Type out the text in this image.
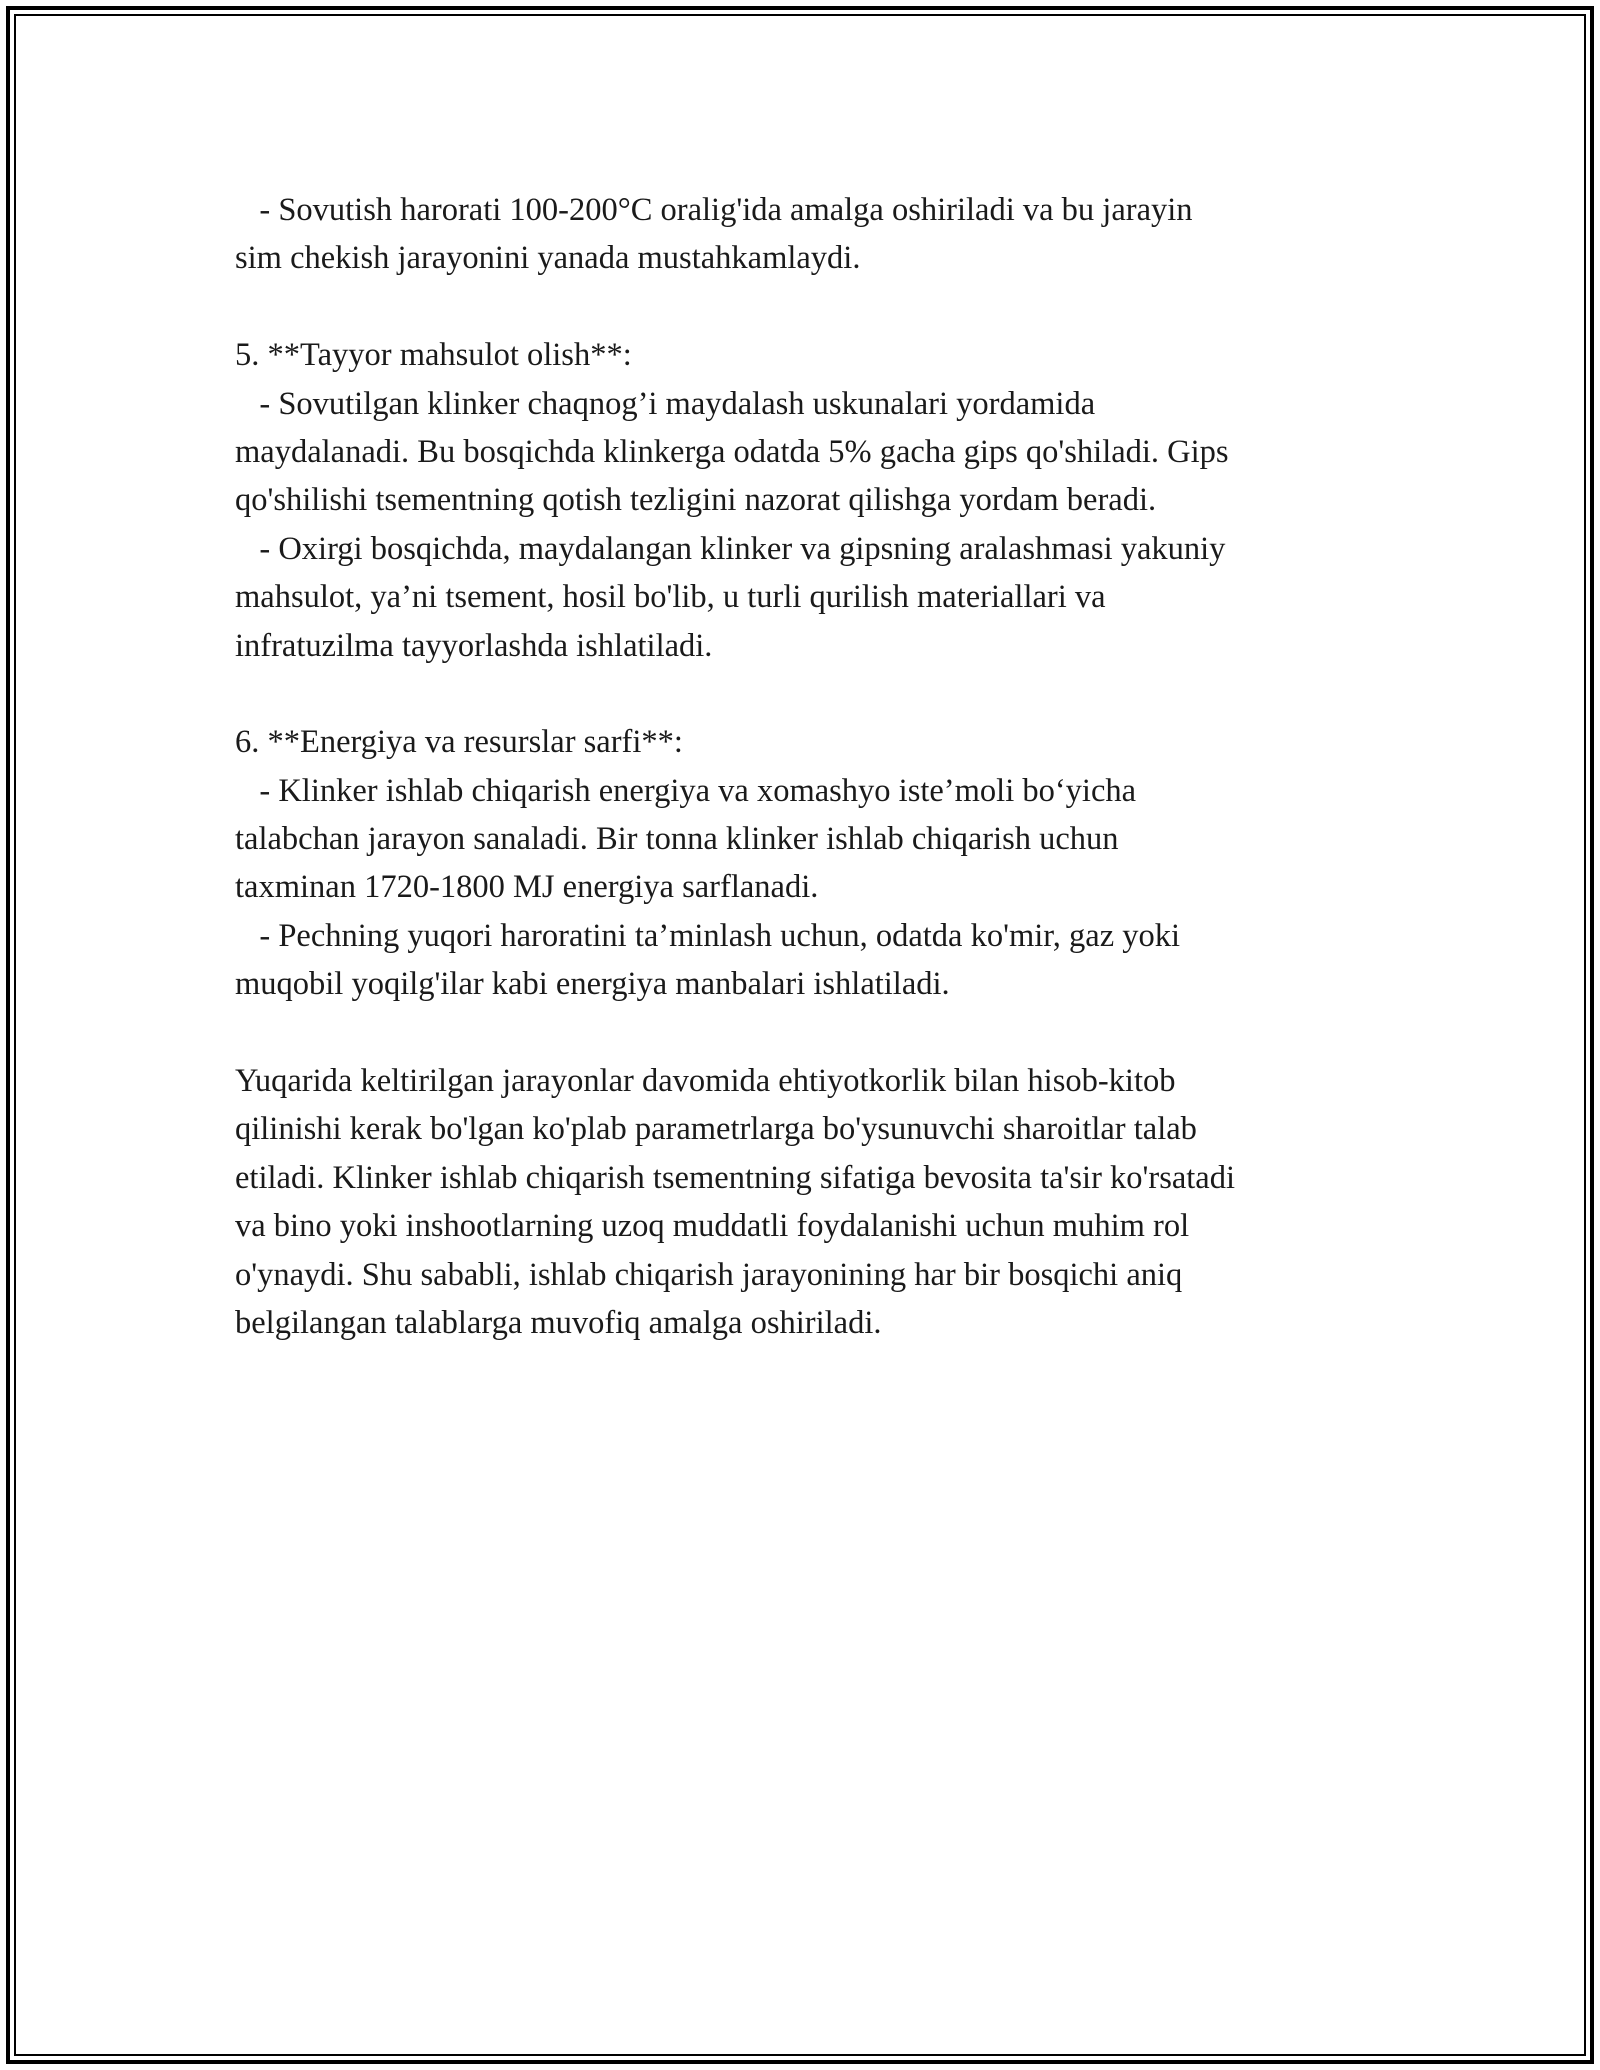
- Sovutish harorati 100-200°C oralig'ida amalga oshiriladi va bu jarayin
sim chekish jarayonini yanada mustahkamlaydi.
5. **Tayyor mahsulot olish**:
- Sovutilgan klinker chaqnog’i maydalash uskunalari yordamida
maydalanadi. Bu bosqichda klinkerga odatda 5% gacha gips qo'shiladi. Gips
qo'shilishi tsementning qotish tezligini nazorat qilishga yordam beradi.
- Oxirgi bosqichda, maydalangan klinker va gipsning aralashmasi yakuniy
mahsulot, ya’ni tsement, hosil bo'lib, u turli qurilish materiallari va
infratuzilma tayyorlashda ishlatiladi.
6. **Energiya va resurslar sarfi**:
- Klinker ishlab chiqarish energiya va xomashyo iste’moli bo‘yicha
talabchan jarayon sanaladi. Bir tonna klinker ishlab chiqarish uchun
taxminan 1720-1800 MJ energiya sarflanadi.
- Pechning yuqori haroratini ta’minlash uchun, odatda ko'mir, gaz yoki
muqobil yoqilg'ilar kabi energiya manbalari ishlatiladi.
Yuqarida keltirilgan jarayonlar davomida ehtiyotkorlik bilan hisob-kitob
qilinishi kerak bo'lgan ko'plab parametrlarga bo'ysunuvchi sharoitlar talab
etiladi. Klinker ishlab chiqarish tsementning sifatiga bevosita ta'sir ko'rsatadi
va bino yoki inshootlarning uzoq muddatli foydalanishi uchun muhim rol
o'ynaydi. Shu sababli, ishlab chiqarish jarayonining har bir bosqichi aniq
belgilangan talablarga muvofiq amalga oshiriladi.
